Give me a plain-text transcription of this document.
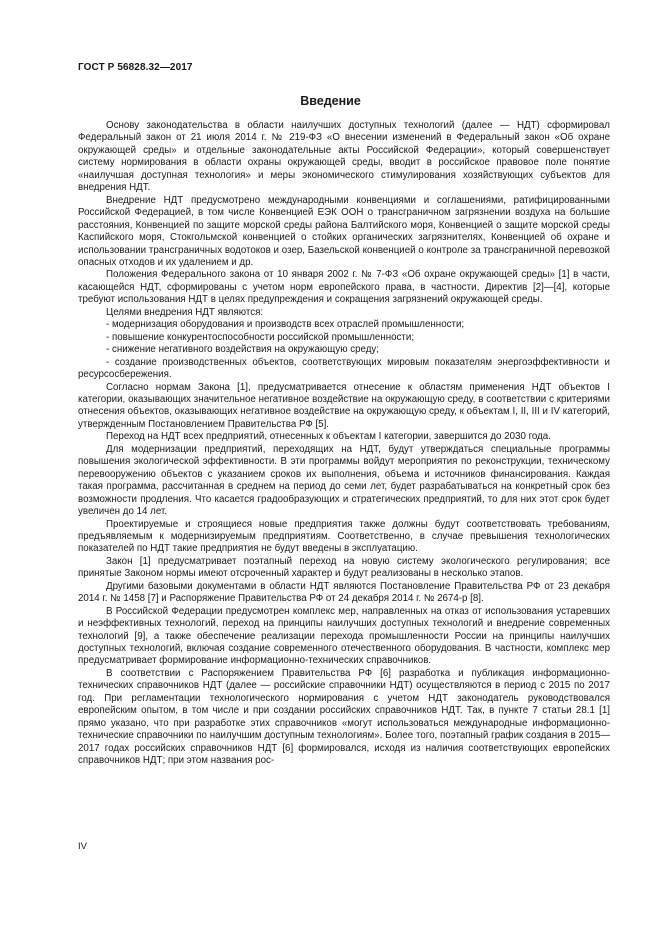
ГОСТ Р 56828.32—2017
Введение

Основу законодательства в области наилучших доступных технологий (далее — НДТ) сформировал Федеральный закон от 21 июля 2014 г. № 219-ФЗ «О внесении изменений в Федеральный закон «Об охране окружающей среды» и отдельные законодательные акты Российской Федерации», который совершенствует систему нормирования в области охраны окружающей среды, вводит в российское правовое поле понятие «наилучшая доступная технология» и меры экономического стимулирования хозяйствующих субъектов для внедрения НДТ.

Внедрение НДТ предусмотрено международными конвенциями и соглашениями, ратифицированными Российской Федерацией, в том числе Конвенцией ЕЭК ООН о трансграничном загрязнении воздуха на большие расстояния, Конвенцией по защите морской среды района Балтийского моря, Конвенцией о защите морской среды Каспийского моря, Стокгольмской конвенцией о стойких органических загрязнителях, Конвенцией об охране и использовании трансграничных водотоков и озер, Базельской конвенцией о контроле за трансграничной перевозкой опасных отходов и их удалением и др.

Положения Федерального закона от 10 января 2002 г. № 7-ФЗ «Об охране окружающей среды» [1] в части, касающейся НДТ, сформированы с учетом норм европейского права, в частности, Директив [2]—[4], которые требуют использования НДТ в целях предупреждения и сокращения загрязнений окружающей среды.

Целями внедрения НДТ являются:

- модернизация оборудования и производств всех отраслей промышленности;

- повышение конкурентоспособности российской промышленности;

- снижение негативного воздействия на окружающую среду;

- создание производственных объектов, соответствующих мировым показателям энергоэффективности и ресурсосбережения.

Согласно нормам Закона [1], предусматривается отнесение к областям применения НДТ объектов I категории, оказывающих значительное негативное воздействие на окружающую среду, в соответствии с критериями отнесения объектов, оказывающих негативное воздействие на окружающую среду, к объектам I, II, III и IV категорий, утвержденным Постановлением Правительства РФ [5].

Переход на НДТ всех предприятий, отнесенных к объектам I категории, завершится до 2030 года.

Для модернизации предприятий, переходящих на НДТ, будут утверждаться специальные программы повышения экологической эффективности. В эти программы войдут мероприятия по реконструкции, техническому перевооружению объектов с указанием сроков их выполнения, объема и источников финансирования. Каждая такая программа, рассчитанная в среднем на период до семи лет, будет разрабатываться на конкретный срок без возможности продления. Что касается градообразующих и стратегических предприятий, то для них этот срок будет увеличен до 14 лет.

Проектируемые и строящиеся новые предприятия также должны будут соответствовать требованиям, предъявляемым к модернизируемым предприятиям. Соответственно, в случае превышения технологических показателей по НДТ такие предприятия не будут введены в эксплуатацию.

Закон [1] предусматривает поэтапный переход на новую систему экологического регулирования; все принятые Законом нормы имеют отсроченный характер и будут реализованы в несколько этапов.

Другими базовыми документами в области НДТ являются Постановление Правительства РФ от 23 декабря 2014 г. № 1458 [7] и Распоряжение Правительства РФ от 24 декабря 2014 г. № 2674-р [8].

В Российской Федерации предусмотрен комплекс мер, направленных на отказ от использования устаревших и неэффективных технологий, переход на принципы наилучших доступных технологий и внедрение современных технологий [9], а также обеспечение реализации перехода промышленности России на принципы наилучших доступных технологий, включая создание современного отечественного оборудования. В частности, комплекс мер предусматривает формирование информационно-технических справочников.

В соответствии с Распоряжением Правительства РФ [6] разработка и публикация информационно-технических справочников НДТ (далее — российские справочники НДТ) осуществляются в период с 2015 по 2017 год. При регламентации технологического нормирования с учетом НДТ законодатель руководствовался европейским опытом, в том числе и при создании российских справочников НДТ. Так, в пункте 7 статьи 28.1 [1] прямо указано, что при разработке этих справочников «могут использоваться международные информационно-технические справочники по наилучшим доступным технологиям». Более того, поэтапный график создания в 2015—2017 годах российских справочников НДТ [6] формировался, исходя из наличия соответствующих европейских справочников НДТ; при этом названия рос-

IV
